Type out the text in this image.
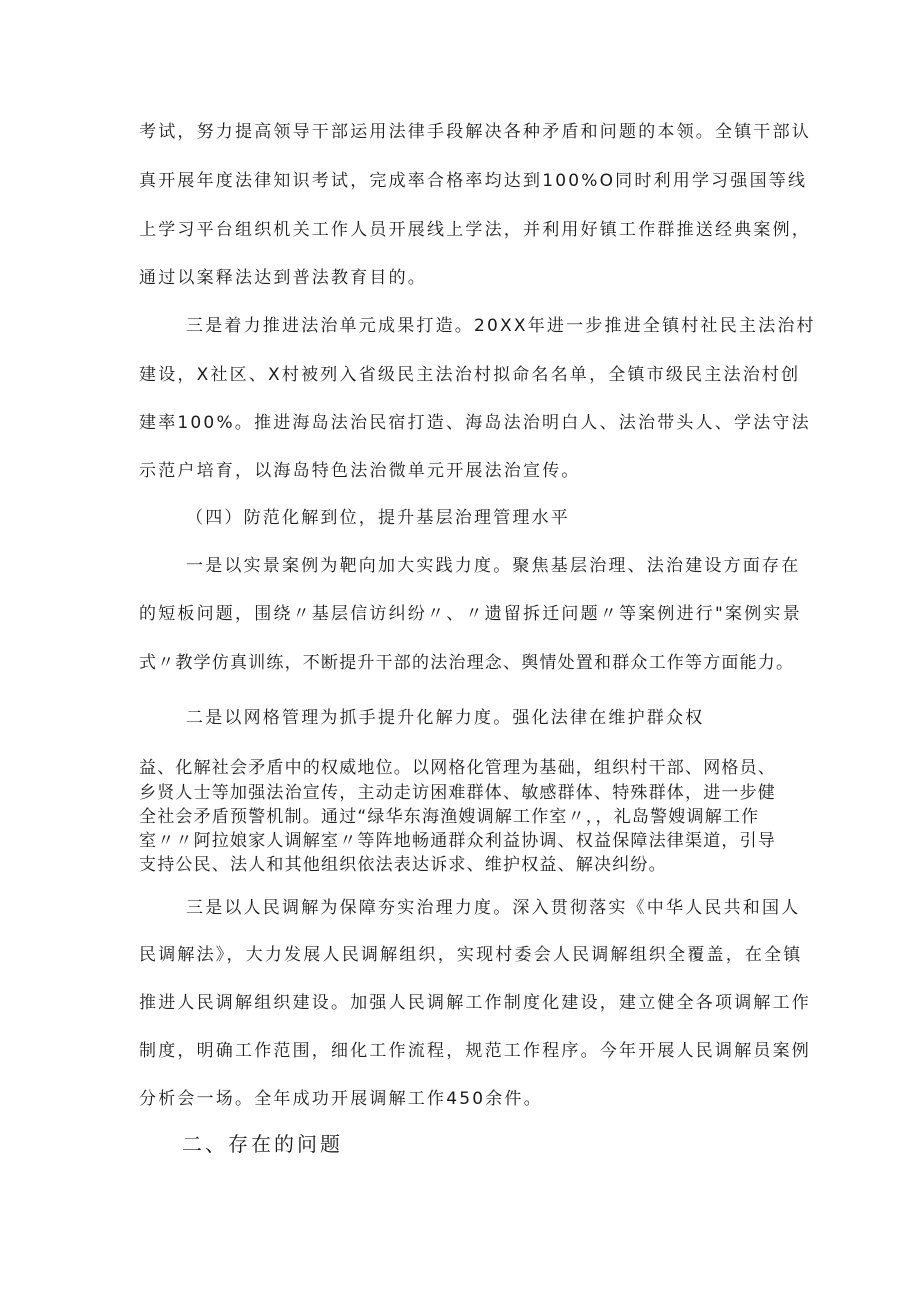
考试，努力提高领导干部运用法律手段解决各种矛盾和问题的本领。全镇干部认
真开展年度法律知识考试，完成率合格率均达到100%O同时利用学习强国等线
上学习平台组织机关工作人员开展线上学法，并利用好镇工作群推送经典案例，
通过以案释法达到普法教育目的。
三是着力推进法治单元成果打造。20XX年进一步推进全镇村社民主法治村
建设，X社区、X村被列入省级民主法治村拟命名名单，全镇市级民主法治村创
建率100%。推进海岛法治民宿打造、海岛法治明白人、法治带头人、学法守法
示范户培育，以海岛特色法治微单元开展法治宣传。
（四）防范化解到位，提升基层治理管理水平
一是以实景案例为靶向加大实践力度。聚焦基层治理、法治建设方面存在
的短板问题，围绕〃基层信访纠纷〃、〃遗留拆迁问题〃等案例进行"案例实景
式〃教学仿真训练，不断提升干部的法治理念、舆情处置和群众工作等方面能力。
二是以网格管理为抓手提升化解力度。强化法律在维护群众权
益、化解社会矛盾中的权威地位。以网格化管理为基础，组织村干部、网格员、
乡贤人士等加强法治宣传，主动走访困难群体、敏感群体、特殊群体，进一步健
全社会矛盾预警机制。通过“绿华东海渔嫂调解工作室〃，，礼岛警嫂调解工作
室〃〃阿拉娘家人调解室〃等阵地畅通群众利益协调、权益保障法律渠道，引导
支持公民、法人和其他组织依法表达诉求、维护权益、解决纠纷。
三是以人民调解为保障夯实治理力度。深入贯彻落实《中华人民共和国人
民调解法》，大力发展人民调解组织，实现村委会人民调解组织全覆盖，在全镇
推进人民调解组织建设。加强人民调解工作制度化建设，建立健全各项调解工作
制度，明确工作范围，细化工作流程，规范工作程序。今年开展人民调解员案例
分析会一场。全年成功开展调解工作450余件。
二、存在的问题
